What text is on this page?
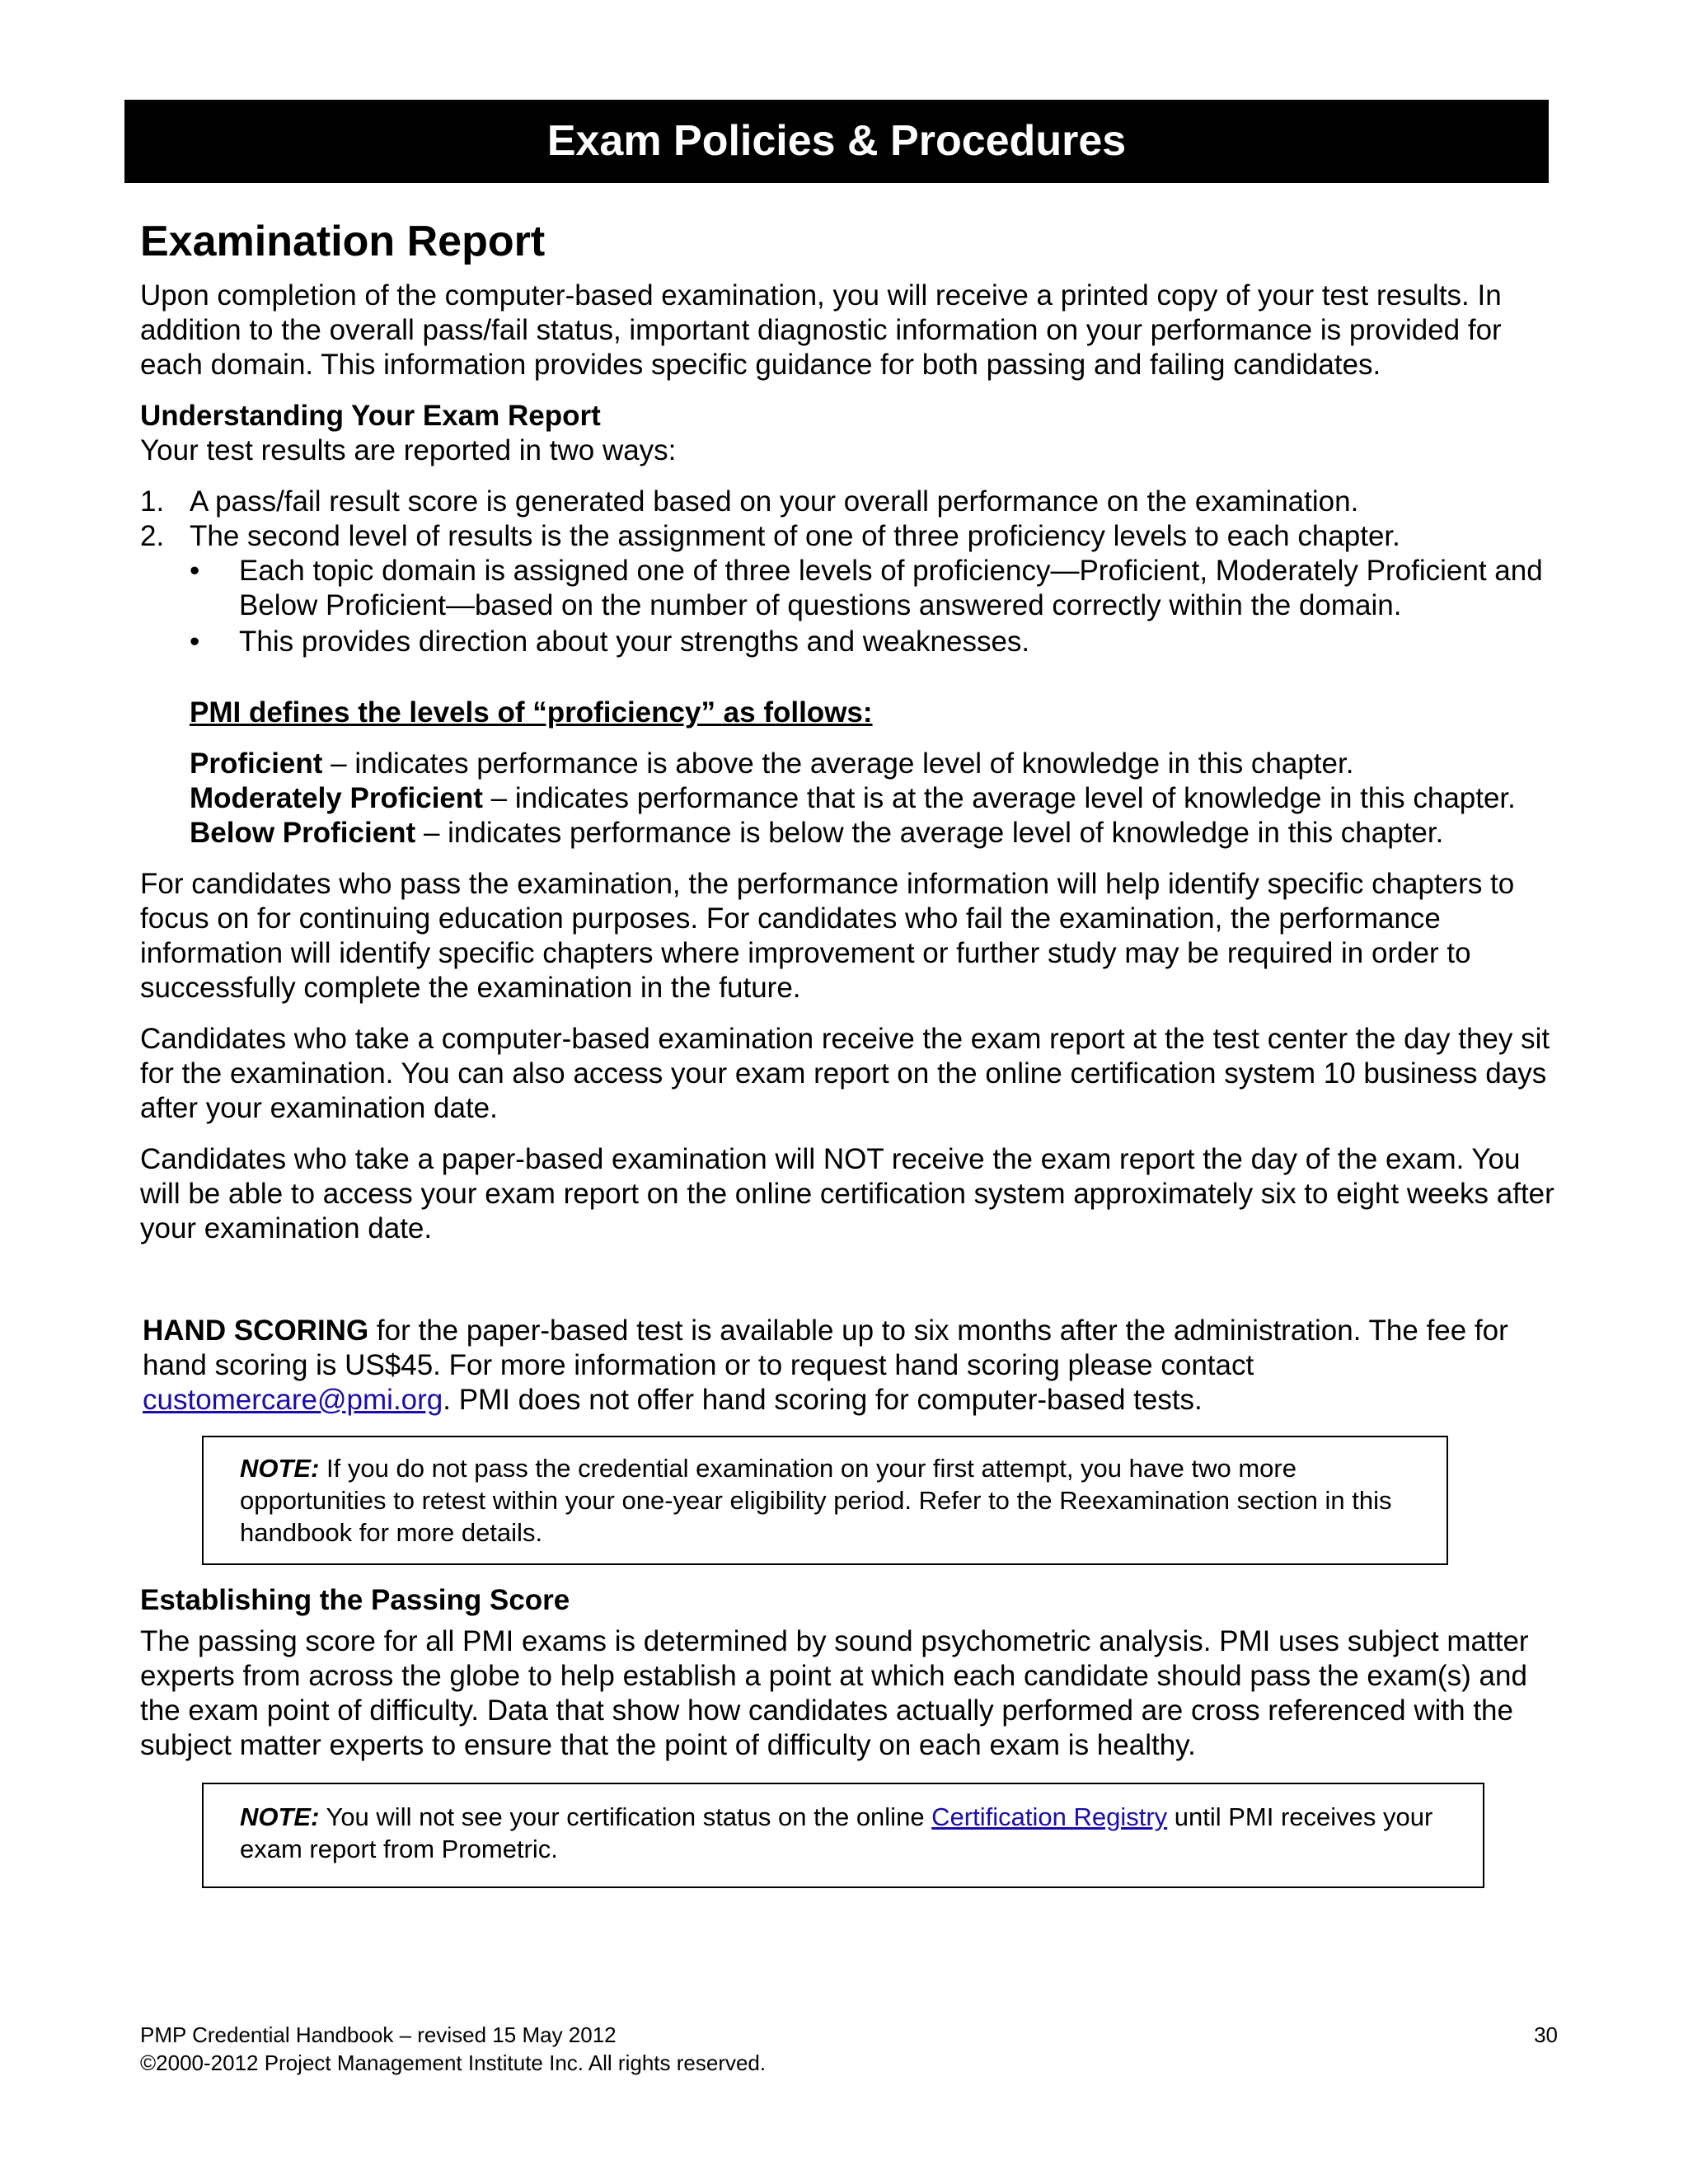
Exam Policies & Procedures
Examination Report

Upon completion of the computer-based examination, you will receive a printed copy of your test results. In addition to the overall pass/fail status, important diagnostic information on your performance is provided for each domain. This information provides specific guidance for both passing and failing candidates.

Understanding Your Exam Report

Your test results are reported in two ways:

1. A pass/fail result score is generated based on your overall performance on the examination.
2. The second level of results is the assignment of one of three proficiency levels to each chapter.
• Each topic domain is assigned one of three levels of proficiency—Proficient, Moderately Proficient and Below Proficient—based on the number of questions answered correctly within the domain.
• This provides direction about your strengths and weaknesses.
PMI defines the levels of “proficiency” as follows:

Proficient – indicates performance is above the average level of knowledge in this chapter.

Moderately Proficient – indicates performance that is at the average level of knowledge in this chapter.

Below Proficient – indicates performance is below the average level of knowledge in this chapter.

For candidates who pass the examination, the performance information will help identify specific chapters to focus on for continuing education purposes. For candidates who fail the examination, the performance information will identify specific chapters where improvement or further study may be required in order to successfully complete the examination in the future.

Candidates who take a computer-based examination receive the exam report at the test center the day they sit for the examination. You can also access your exam report on the online certification system 10 business days after your examination date.

Candidates who take a paper-based examination will NOT receive the exam report the day of the exam. You will be able to access your exam report on the online certification system approximately six to eight weeks after your examination date.

HAND SCORING for the paper-based test is available up to six months after the administration. The fee for hand scoring is US$45. For more information or to request hand scoring please contact customercare@pmi.org. PMI does not offer hand scoring for computer-based tests.

NOTE: If you do not pass the credential examination on your first attempt, you have two more opportunities to retest within your one-year eligibility period. Refer to the Reexamination section in this handbook for more details.
Establishing the Passing Score

The passing score for all PMI exams is determined by sound psychometric analysis. PMI uses subject matter experts from across the globe to help establish a point at which each candidate should pass the exam(s) and the exam point of difficulty. Data that show how candidates actually performed are cross referenced with the subject matter experts to ensure that the point of difficulty on each exam is healthy.

NOTE: You will not see your certification status on the online Certification Registry until PMI receives your exam report from Prometric.
PMP Credential Handbook – revised 15 May 2012
©2000-2012 Project Management Institute Inc. All rights reserved.
30
